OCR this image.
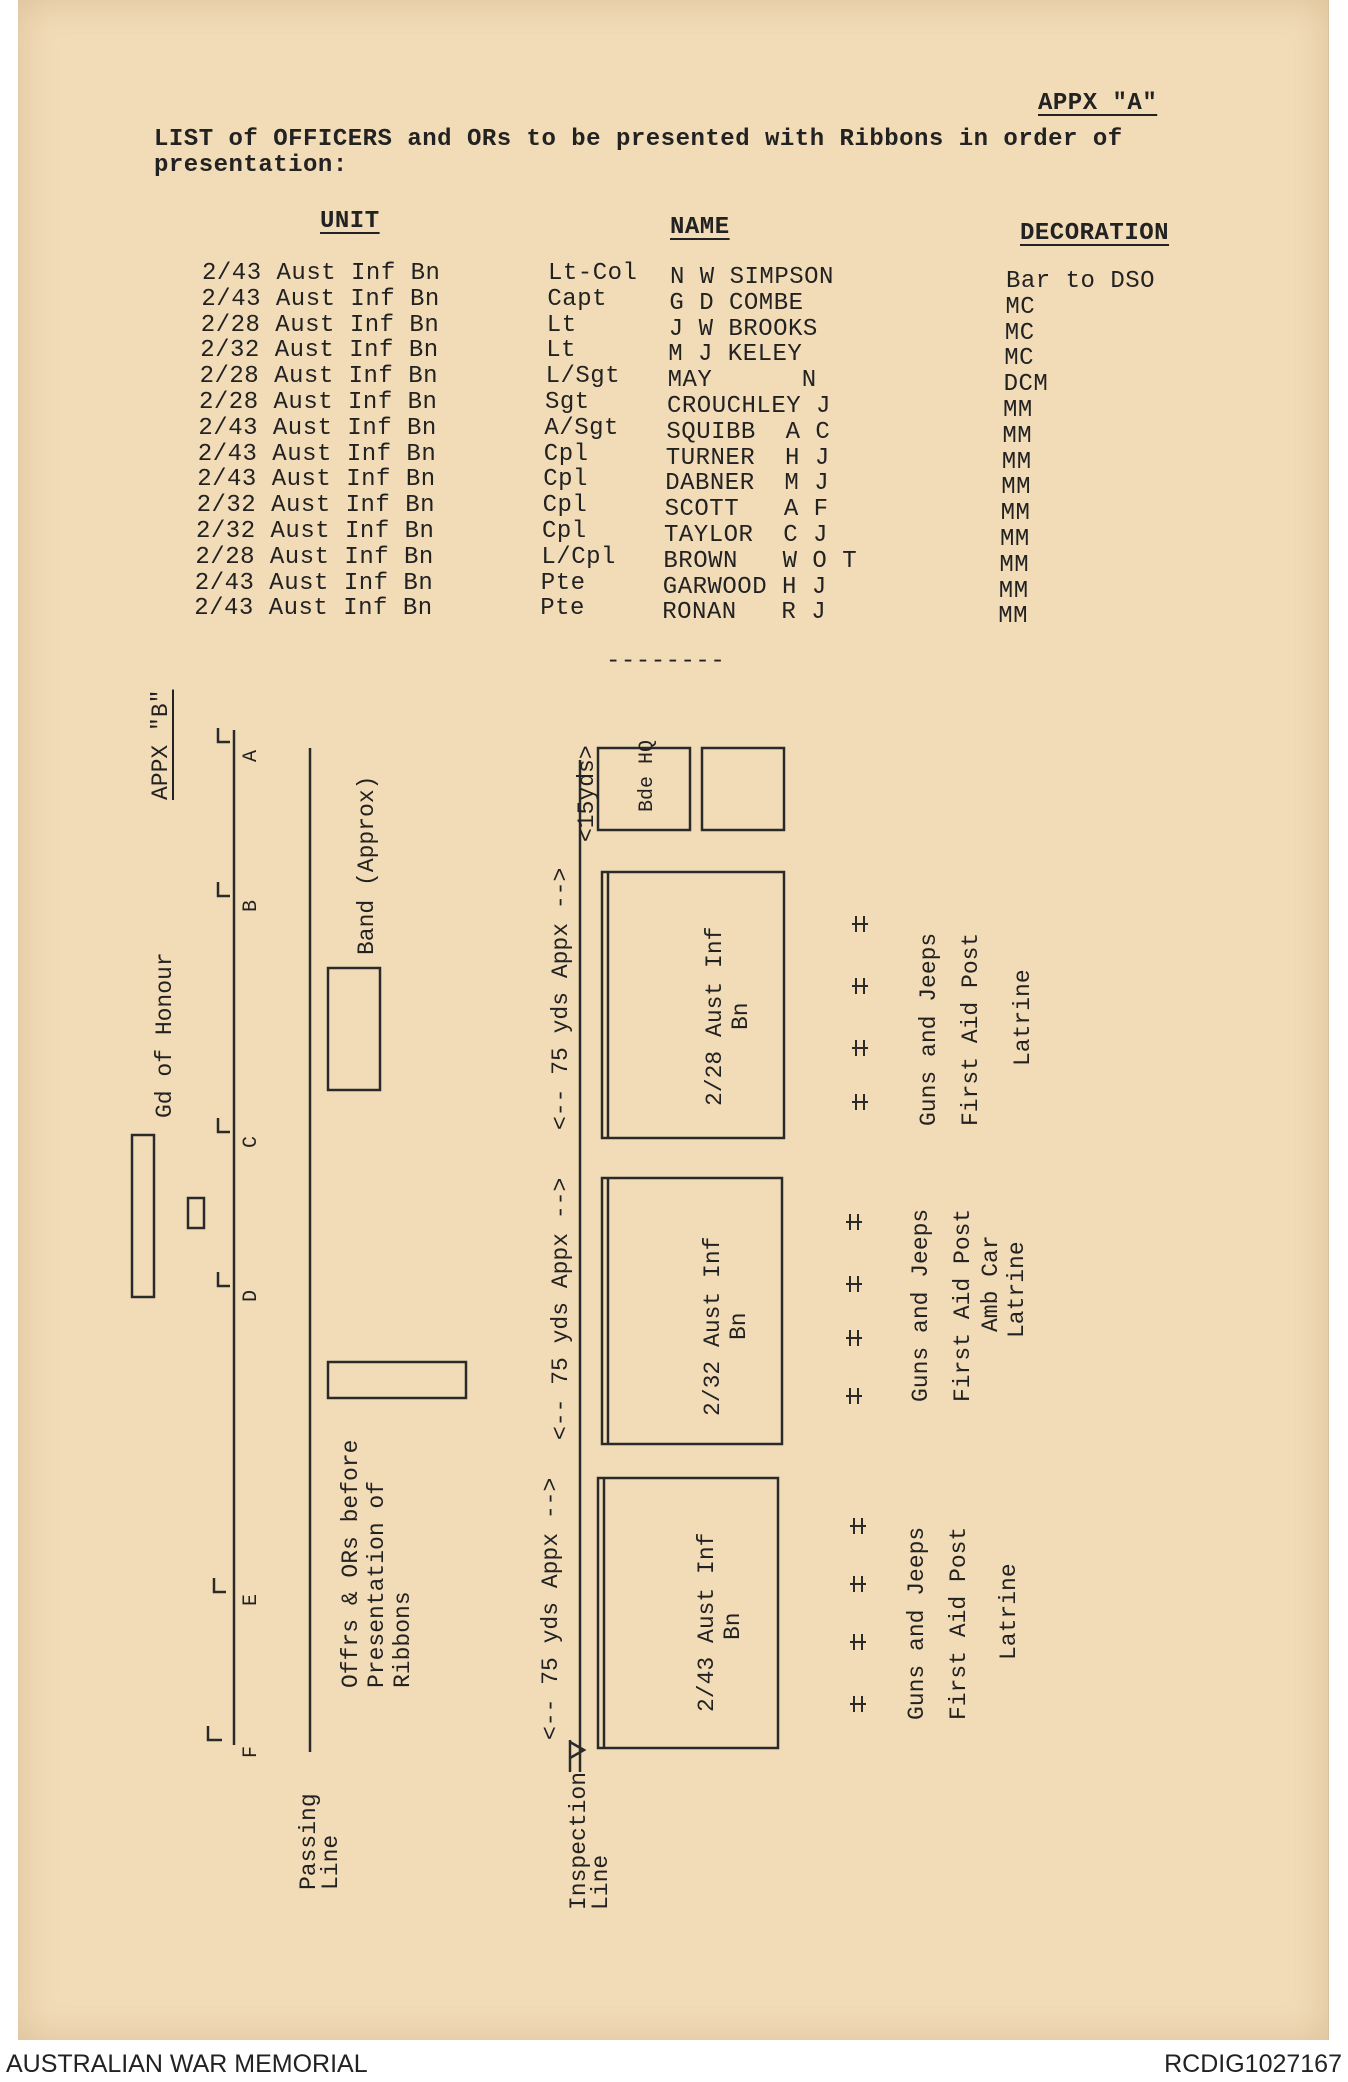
APPX "A"
LIST of OFFICERS and ORs to be presented with Ribbons in order of
presentation:
UNIT	NAME	DECORATION
2/43 Aust Inf Bn	Lt-Col N W SIMPSON	Bar to DSO
2/43 Aust Inf Bn	Capt	G D COMBE	MC
2/28 Aust Inf Bn	Lt	J W BROOKS	MC
2/32 Aust Inf Bn	Lt	M J KELEY	MC
2/28 Aust Inf Bn	L/Sgt MAY      N	DCM
2/28 Aust Inf Bn	Sgt	CROUCHLEY J	MM
2/43 Aust Inf Bn	A/Sgt SQUIBB  A C	MM
2/43 Aust Inf Bn	Cpl	TURNER  H J	MM
2/43 Aust Inf Bn	Cpl	DABNER  M J	MM
2/32 Aust Inf Bn	Cpl	SCOTT   A F	MM
2/32 Aust Inf Bn	Cpl	TAYLOR  C J	MM
2/28 Aust Inf Bn	L/Cpl BROWN   W O T	MM
2/43 Aust Inf Bn	Pte	GARWOOD H J	MM
2/43 Aust Inf Bn	Pte	RONAN   R J	MM
--------
APPX "B"
Gd of Honour
Band (Approx)
A
B
C
D
E
F
Offrs & ORs before Presentation of Ribbons
Passing
Line	Inspection
Line
<15yds>
<-- 75 yds Appx -->
<-- 75 yds Appx -->
<-- 75 yds Appx -->
Bde HQ
2/28 Aust Inf Bn
2/32 Aust Inf Bn
2/43 Aust Inf Bn
Guns and Jeeps First Aid Post Latrine
Guns and Jeeps First Aid Post Amb Car Latrine
Guns and Jeeps First Aid Post Latrine
AUSTRALIAN WAR MEMORIAL	RCDIG1027167
